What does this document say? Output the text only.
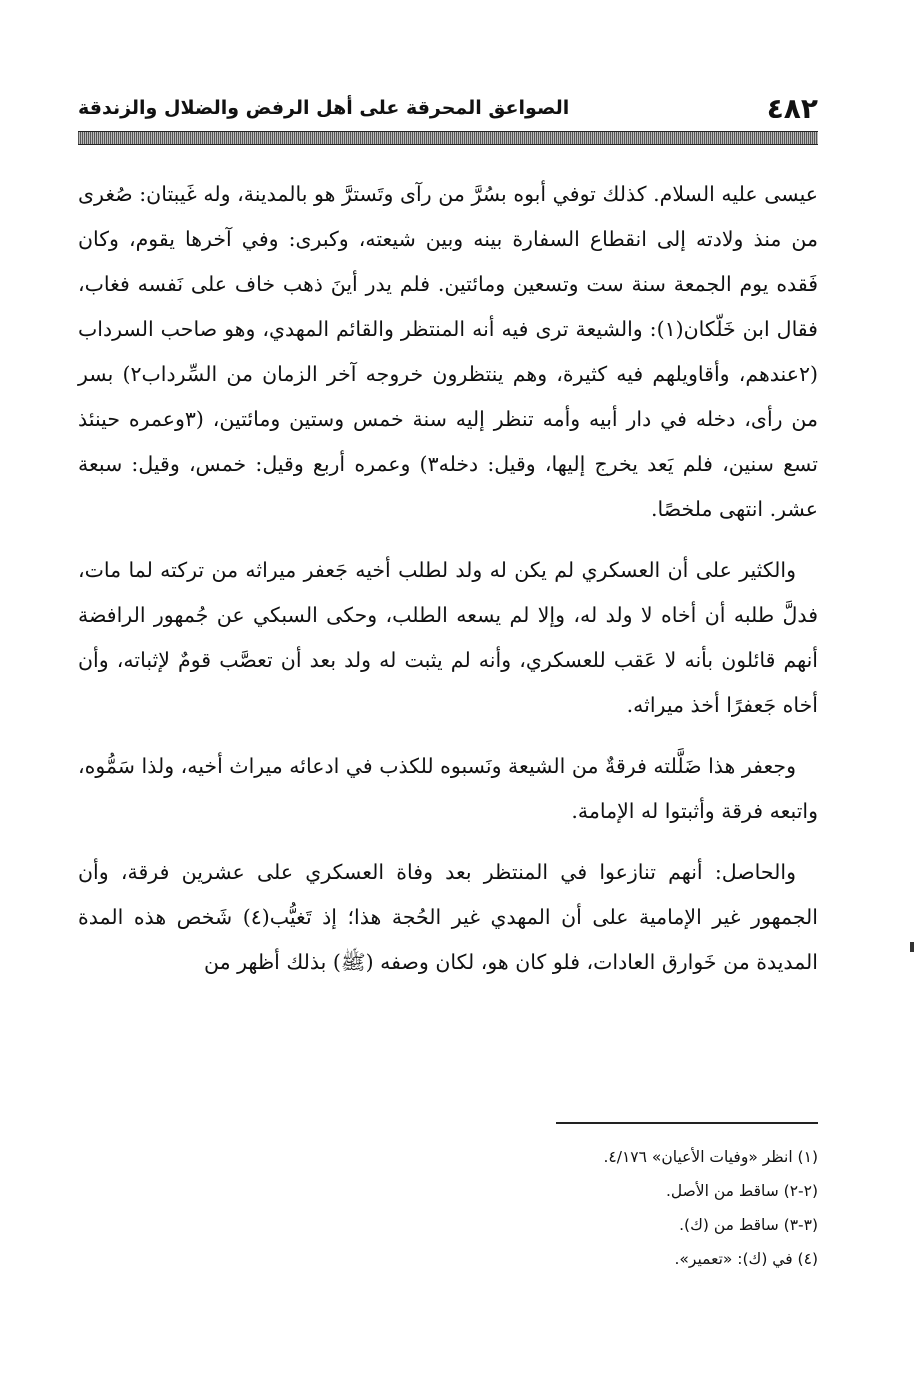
٤٨٢
الصواعق المحرقة على أهل الرفض والضلال والزندقة

عيسى عليه السلام. كذلك توفي أبوه بسُرَّ من رآى وتَسترَّ هو بالمدينة، وله غَيبتان: صُغرى من منذ ولادته إلى انقطاع السفارة بينه وبين شيعته، وكبرى: وفي آخرها يقوم، وكان فَقده يوم الجمعة سنة ست وتسعين ومائتين. فلم يدر أينَ ذهب خاف على نَفسه فغاب، فقال ابن خَلّكان(١): والشيعة ترى فيه أنه المنتظر والقائم المهدي، وهو صاحب السرداب (٢عندهم، وأقاويلهم فيه كثيرة، وهم ينتظرون خروجه آخر الزمان من السِّرداب٢) بسر من رأى، دخله في دار أبيه وأمه تنظر إليه سنة خمس وستين ومائتين، (٣وعمره حينئذ تسع سنين، فلم يَعد يخرج إليها، وقيل: دخله٣) وعمره أربع وقيل: خمس، وقيل: سبعة عشر. انتهى ملخصًا.

والكثير على أن العسكري لم يكن له ولد لطلب أخيه جَعفر ميراثه من تركته لما مات، فدلَّ طلبه أن أخاه لا ولد له، وإلا لم يسعه الطلب، وحكى السبكي عن جُمهور الرافضة أنهم قائلون بأنه لا عَقب للعسكري، وأنه لم يثبت له ولد بعد أن تعصَّب قومٌ لإثباته، وأن أخاه جَعفرًا أخذ ميراثه.

وجعفر هذا ضَلَّلته فرقةٌ من الشيعة ونَسبوه للكذب في ادعائه ميراث أخيه، ولذا سَمُّوه، واتبعه فرقة وأثبتوا له الإمامة.

والحاصل: أنهم تنازعوا في المنتظر بعد وفاة العسكري على عشرين فرقة، وأن الجمهور غير الإمامية على أن المهدي غير الحُجة هذا؛ إذ تَغيُّب(٤) شَخص هذه المدة المديدة من خَوارق العادات، فلو كان هو، لكان وصفه (ﷺ) بذلك أظهر من

(١) انظر «وفيات الأعيان» ٤/١٧٦.

(٢-٢) ساقط من الأصل.

(٣-٣) ساقط من (ك).

(٤) في (ك): «تعمير».
